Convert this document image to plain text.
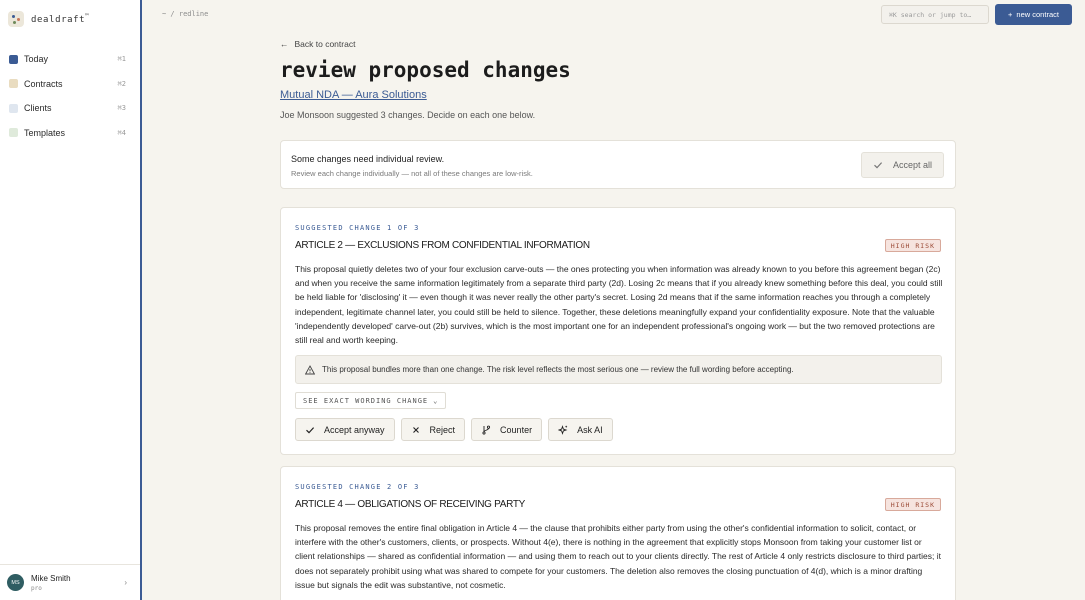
dealdraft™
Today	⌘1
Contracts	⌘2
Clients	⌘3
Templates	⌘4
MS	Mike Smith
pro
›
~ / redline	⌘K search or jump to…	+ new contract
← Back to contract
review proposed changes
Mutual NDA — Aura Solutions

Joe Monsoon suggested 3 changes. Decide on each one below.

Some changes need individual review.
Review each change individually — not all of these changes are low-risk.
Accept all
SUGGESTED CHANGE 1 OF 3
ARTICLE 2 — EXCLUSIONS FROM CONFIDENTIAL INFORMATION	HIGH RISK

This proposal quietly deletes two of your four exclusion carve-outs — the ones protecting you when information was already known to you before this agreement began (2c) and when you receive the same information legitimately from a separate third party (2d). Losing 2c means that if you already knew something before this deal, you could still be held liable for 'disclosing' it — even though it was never really the other party's secret. Losing 2d means that if the same information reaches you through a completely independent, legitimate channel later, you could still be held to silence. Together, these deletions meaningfully expand your confidentiality exposure. Note that the valuable 'independently developed' carve-out (2b) survives, which is the most important one for an independent professional's ongoing work — but the two removed protections are still real and worth keeping.

This proposal bundles more than one change. The risk level reflects the most serious one — review the full wording before accepting.
SEE EXACT WORDING CHANGE ⌄
Accept anyway	Reject	Counter	Ask AI
SUGGESTED CHANGE 2 OF 3
ARTICLE 4 — OBLIGATIONS OF RECEIVING PARTY	HIGH RISK

This proposal removes the entire final obligation in Article 4 — the clause that prohibits either party from using the other's confidential information to solicit, contact, or interfere with the other's customers, clients, or prospects. Without 4(e), there is nothing in the agreement that explicitly stops Monsoon from taking your customer list or client relationships — shared as confidential information — and using them to reach out to your clients directly. The rest of Article 4 only restricts disclosure to third parties; it does not separately prohibit using what was shared to compete for your customers. The deletion also removes the closing punctuation of 4(d), which is a minor drafting issue but signals the edit was substantive, not cosmetic.
